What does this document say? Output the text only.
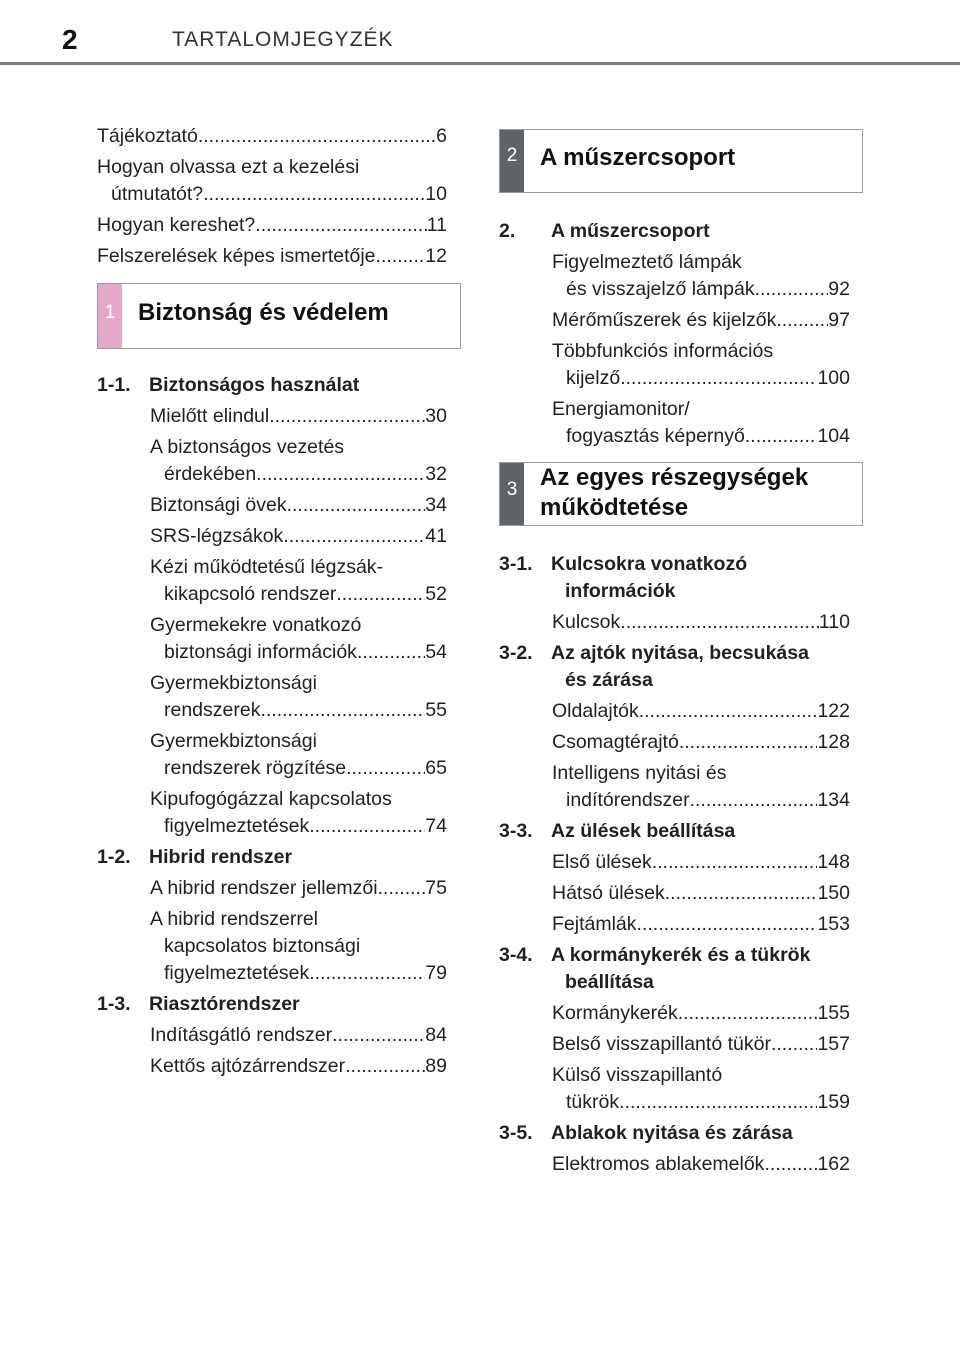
2	TARTALOMJEGYZÉK
Tájékoztató .....	6
Hogyan olvassa ezt a kezelési
útmutatót? .....	10
Hogyan kereshet? .....	11
Felszerelések képes ismertetője .....	12
1 Biztonság és védelem
1-1. Biztonságos használat
Mielőtt elindul .....	30
A biztonságos vezetés
érdekében .....	32
Biztonsági övek .....	34
SRS-légzsákok .....	41
Kézi működtetésű légzsák-
kikapcsoló rendszer .....	52
Gyermekekre vonatkozó
biztonsági információk .....	54
Gyermekbiztonsági
rendszerek .....	55
Gyermekbiztonsági
rendszerek rögzítése .....	65
Kipufogógázzal kapcsolatos
figyelmeztetések .....	74
1-2. Hibrid rendszer
A hibrid rendszer jellemzői ..... 75
A hibrid rendszerrel
kapcsolatos biztonsági
figyelmeztetések .....	79
1-3. Riasztórendszer
Indításgátló rendszer .....	84
Kettős ajtózárrendszer .....	89
2 A műszercsoport
2.	A műszercsoport
Figyelmeztető lámpák
és visszajelző lámpák .....	92
Mérőműszerek és kijelzők .....	97
Többfunkciós információs
kijelző .....	100
Energiamonitor/
fogyasztás képernyő .....	104
3 Az egyes részegységek
működtetése
3-1. Kulcsokra vonatkozó
információk
Kulcsok .....	110
3-2. Az ajtók nyitása, becsukása
és zárása
Oldalajtók .....	122
Csomagtérajtó .....	128
Intelligens nyitási és
indítórendszer .....	134
3-3. Az ülések beállítása
Első ülések .....	148
Hátsó ülések .....	150
Fejtámlák .....	153
3-4. A kormánykerék és a tükrök
beállítása
Kormánykerék .....	155
Belső visszapillantó tükör ..... 157
Külső visszapillantó
tükrök .....	159
3-5. Ablakok nyitása és zárása
Elektromos ablakemelők .....	162
